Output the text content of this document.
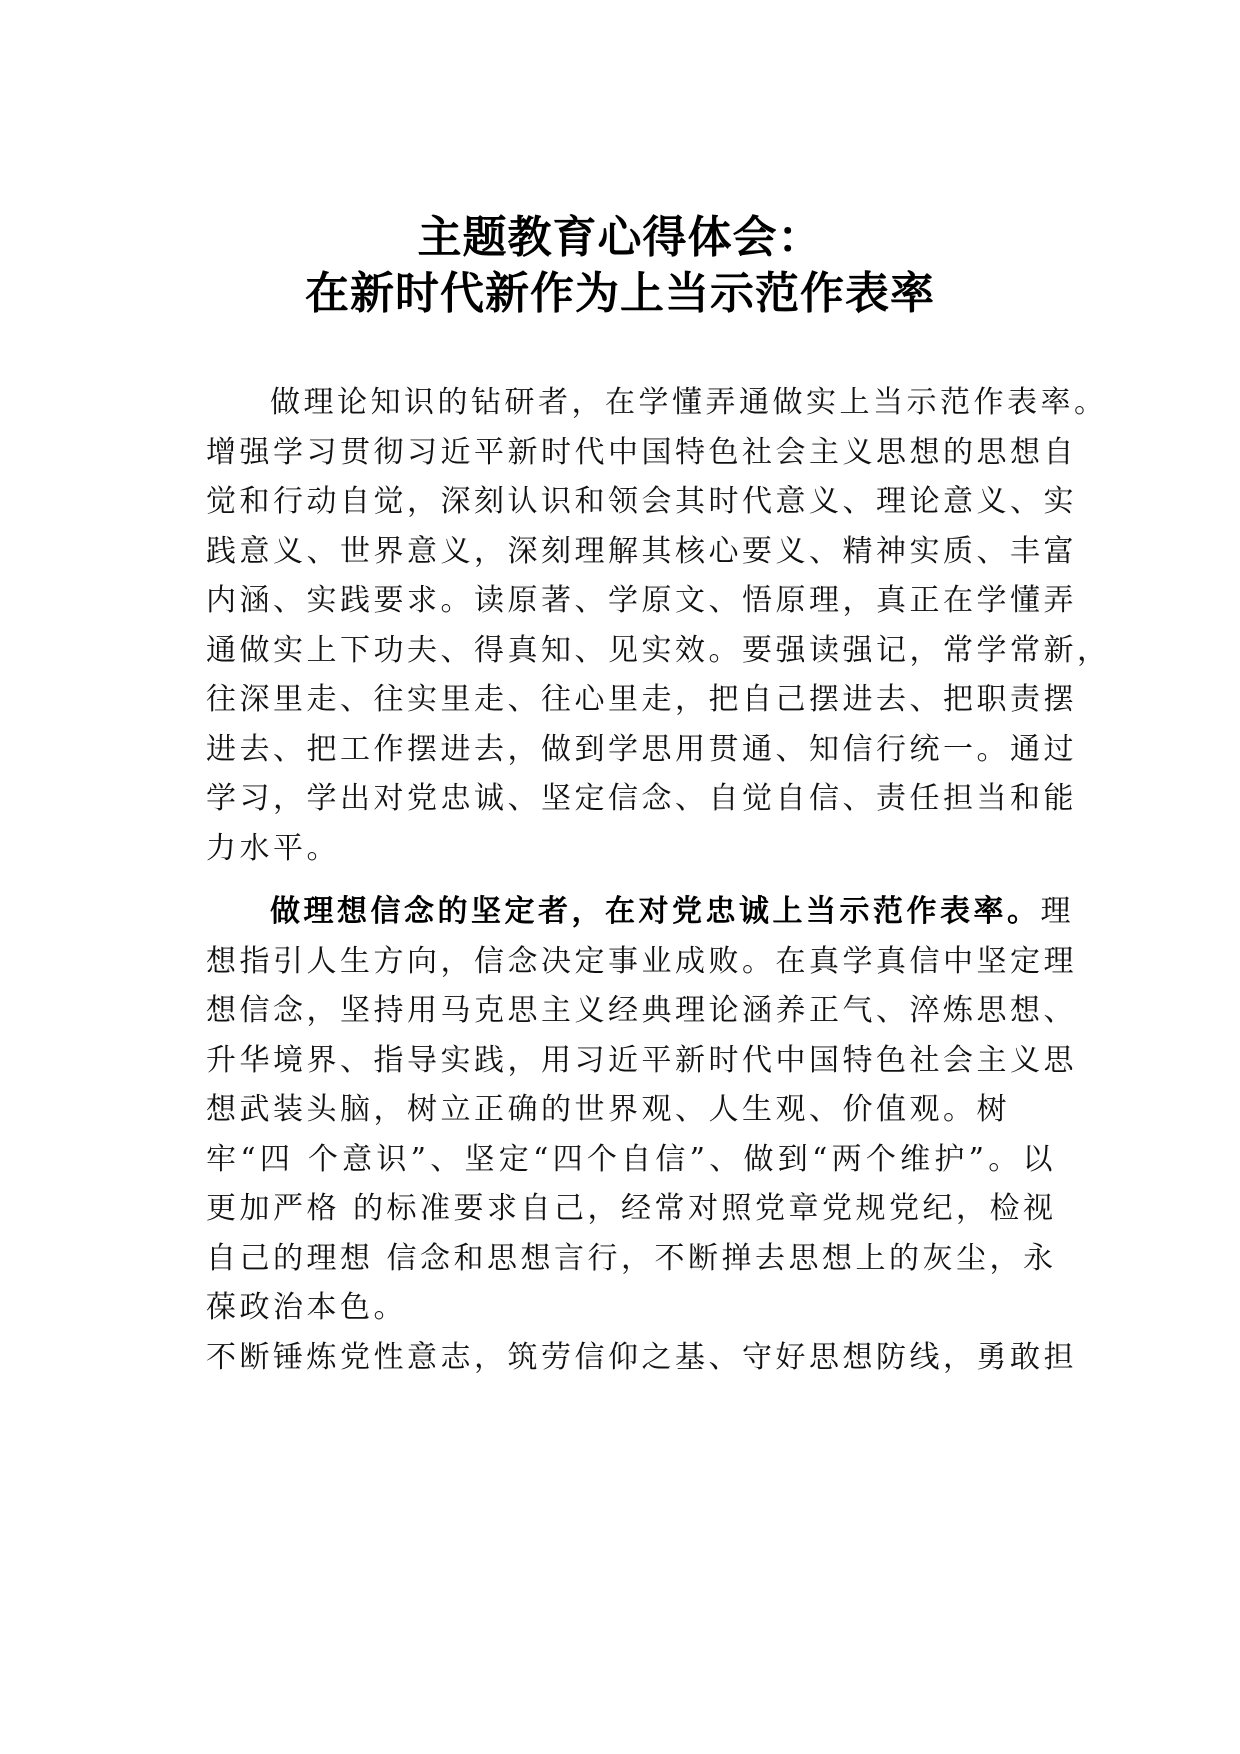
主题教育心得体会：

在新时代新作为上当示范作表率

做理论知识的钻研者，在学懂弄通做实上当示范作表率。
增强学习贯彻习近平新时代中国特色社会主义思想的思想自
觉和行动自觉，深刻认识和领会其时代意义、理论意义、实
践意义、世界意义，深刻理解其核心要义、精神实质、丰富
内涵、实践要求。读原著、学原文、悟原理，真正在学懂弄
通做实上下功夫、得真知、见实效。要强读强记，常学常新，
往深里走、往实里走、往心里走，把自己摆进去、把职责摆
进去、把工作摆进去，做到学思用贯通、知信行统一。通过
学习，学出对党忠诚、坚定信念、自觉自信、责任担当和能
力水平。
做理想信念的坚定者，在对党忠诚上当示范作表率。理
想指引人生方向，信念决定事业成败。在真学真信中坚定理
想信念，坚持用马克思主义经典理论涵养正气、淬炼思想、
升华境界、指导实践，用习近平新时代中国特色社会主义思
想武装头脑，树立正确的世界观、人生观、价值观。树
牢“四 个意识”、坚定“四个自信”、做到“两个维护”。以
更加严格 的标准要求自己，经常对照党章党规党纪，检视
自己的理想 信念和思想言行，不断掸去思想上的灰尘，永
葆政治本色。
不断锤炼党性意志，筑劳信仰之基、守好思想防线，勇敢担
